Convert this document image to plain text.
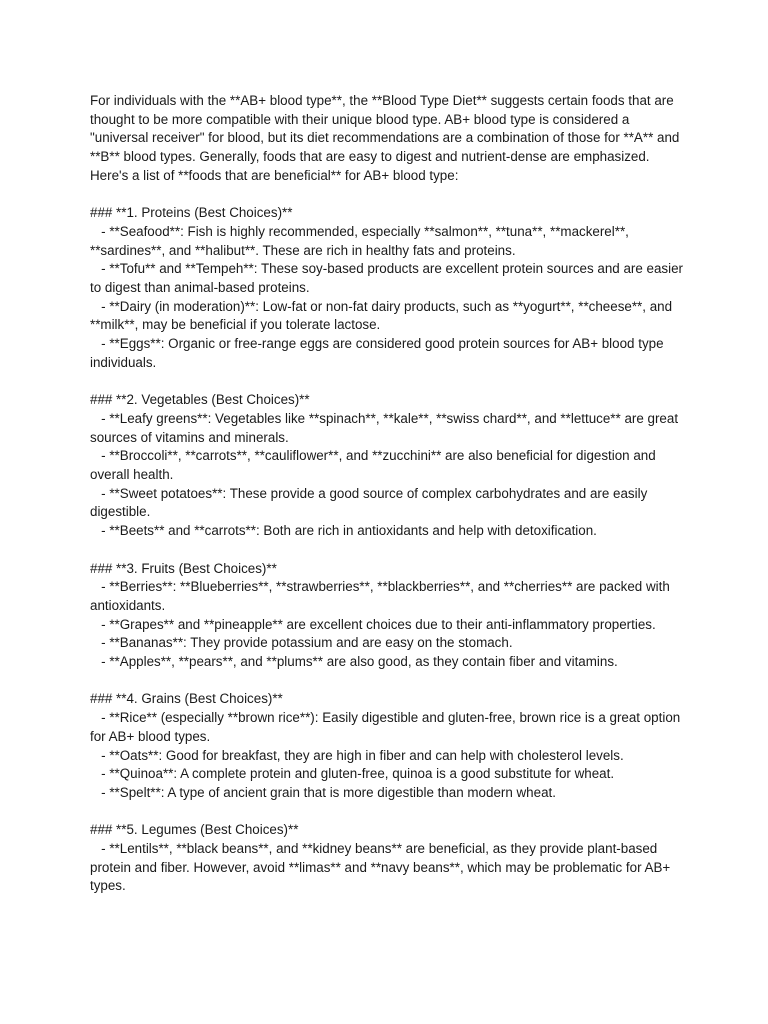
For individuals with the **AB+ blood type**, the **Blood Type Diet** suggests certain foods that are thought to be more compatible with their unique blood type. AB+ blood type is considered a "universal receiver" for blood, but its diet recommendations are a combination of those for **A** and **B** blood types. Generally, foods that are easy to digest and nutrient-dense are emphasized. Here's a list of **foods that are beneficial** for AB+ blood type:

### **1. Proteins (Best Choices)**

- **Seafood**: Fish is highly recommended, especially **salmon**, **tuna**, **mackerel**, **sardines**, and **halibut**. These are rich in healthy fats and proteins.

- **Tofu** and **Tempeh**: These soy-based products are excellent protein sources and are easier to digest than animal-based proteins.

- **Dairy (in moderation)**: Low-fat or non-fat dairy products, such as **yogurt**, **cheese**, and **milk**, may be beneficial if you tolerate lactose.

- **Eggs**: Organic or free-range eggs are considered good protein sources for AB+ blood type individuals.

### **2. Vegetables (Best Choices)**

- **Leafy greens**: Vegetables like **spinach**, **kale**, **swiss chard**, and **lettuce** are great sources of vitamins and minerals.

- **Broccoli**, **carrots**, **cauliflower**, and **zucchini** are also beneficial for digestion and overall health.

- **Sweet potatoes**: These provide a good source of complex carbohydrates and are easily digestible.

- **Beets** and **carrots**: Both are rich in antioxidants and help with detoxification.

### **3. Fruits (Best Choices)**

- **Berries**: **Blueberries**, **strawberries**, **blackberries**, and **cherries** are packed with antioxidants.

- **Grapes** and **pineapple** are excellent choices due to their anti-inflammatory properties.

- **Bananas**: They provide potassium and are easy on the stomach.

- **Apples**, **pears**, and **plums** are also good, as they contain fiber and vitamins.

### **4. Grains (Best Choices)**

- **Rice** (especially **brown rice**): Easily digestible and gluten-free, brown rice is a great option for AB+ blood types.

- **Oats**: Good for breakfast, they are high in fiber and can help with cholesterol levels.

- **Quinoa**: A complete protein and gluten-free, quinoa is a good substitute for wheat.

- **Spelt**: A type of ancient grain that is more digestible than modern wheat.

### **5. Legumes (Best Choices)**

- **Lentils**, **black beans**, and **kidney beans** are beneficial, as they provide plant-based protein and fiber. However, avoid **limas** and **navy beans**, which may be problematic for AB+ types.
